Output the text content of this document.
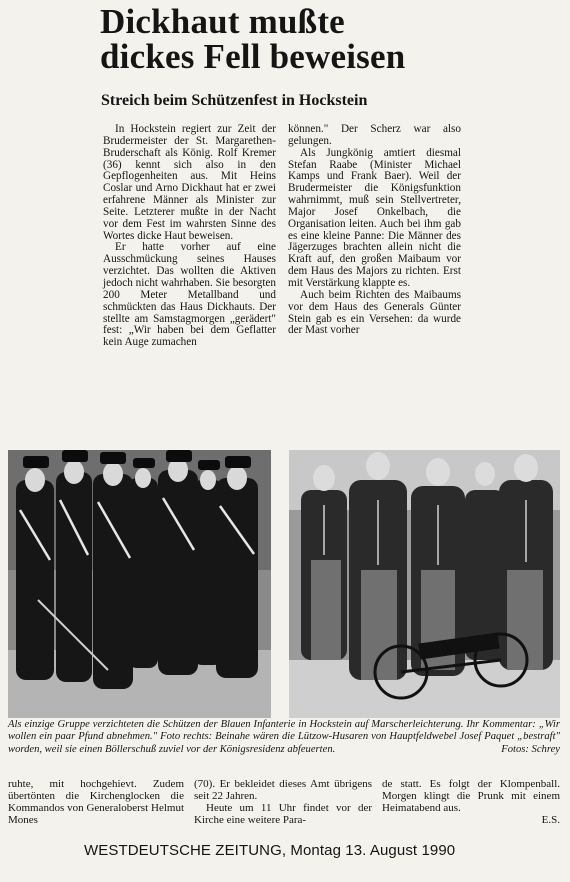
Dickhaut mußte
dickes Fell beweisen
Streich beim Schützenfest in Hockstein

In Hockstein regiert zur Zeit der Brudermeister der St. Margarethen-Bruderschaft als König. Rolf Kremer (36) kennt sich also in den Gepflogenheiten aus. Mit Heins Coslar und Arno Dickhaut hat er zwei erfahrene Männer als Minister zur Seite. Letzterer mußte in der Nacht vor dem Fest im wahrsten Sinne des Wortes dicke Haut beweisen.

Er hatte vorher auf eine Ausschmückung seines Hauses verzichtet. Das wollten die Aktiven jedoch nicht wahrhaben. Sie besorgten 200 Meter Metallband und schmückten das Haus Dickhauts. Der stellte am Samstagmorgen „gerädert" fest: „Wir haben bei dem Geflatter kein Auge zumachen

können." Der Scherz war also gelungen.

Als Jungkönig amtiert diesmal Stefan Raabe (Minister Michael Kamps und Frank Baer). Weil der Brudermeister die Königsfunktion wahrnimmt, muß sein Stellvertreter, Major Josef Onkelbach, die Organisation leiten. Auch bei ihm gab es eine kleine Panne: Die Männer des Jägerzuges brachten allein nicht die Kraft auf, den großen Maibaum vor dem Haus des Majors zu richten. Erst mit Verstärkung klappte es.

Auch beim Richten des Maibaums vor dem Haus des Generals Günter Stein gab es ein Versehen: da wurde der Mast vorher

Als einzige Gruppe verzichteten die Schützen der Blauen Infanterie in Hockstein auf Marscherleichterung. Ihr Kommentar: „Wir wollen ein paar Pfund abnehmen." Foto rechts: Beinahe wären die Lützow-Husaren von Hauptfeldwebel Josef Paquet „bestraft" worden, weil sie einen Böllerschuß zuviel vor der Königsresidenz abfeuerten.	Fotos: Schrey

ruhte, mit hochgehievt. Zudem übertönten die Kirchenglocken die Kommandos von Generaloberst Helmut Mones

(70). Er bekleidet dieses Amt übrigens seit 22 Jahren.

Heute um 11 Uhr findet vor der Kirche eine weitere Para-

de statt. Es folgt der Klompenball. Morgen klingt die Prunk mit einem Heimatabend aus.

E.S.

WESTDEUTSCHE ZEITUNG, Montag 13. August 1990
